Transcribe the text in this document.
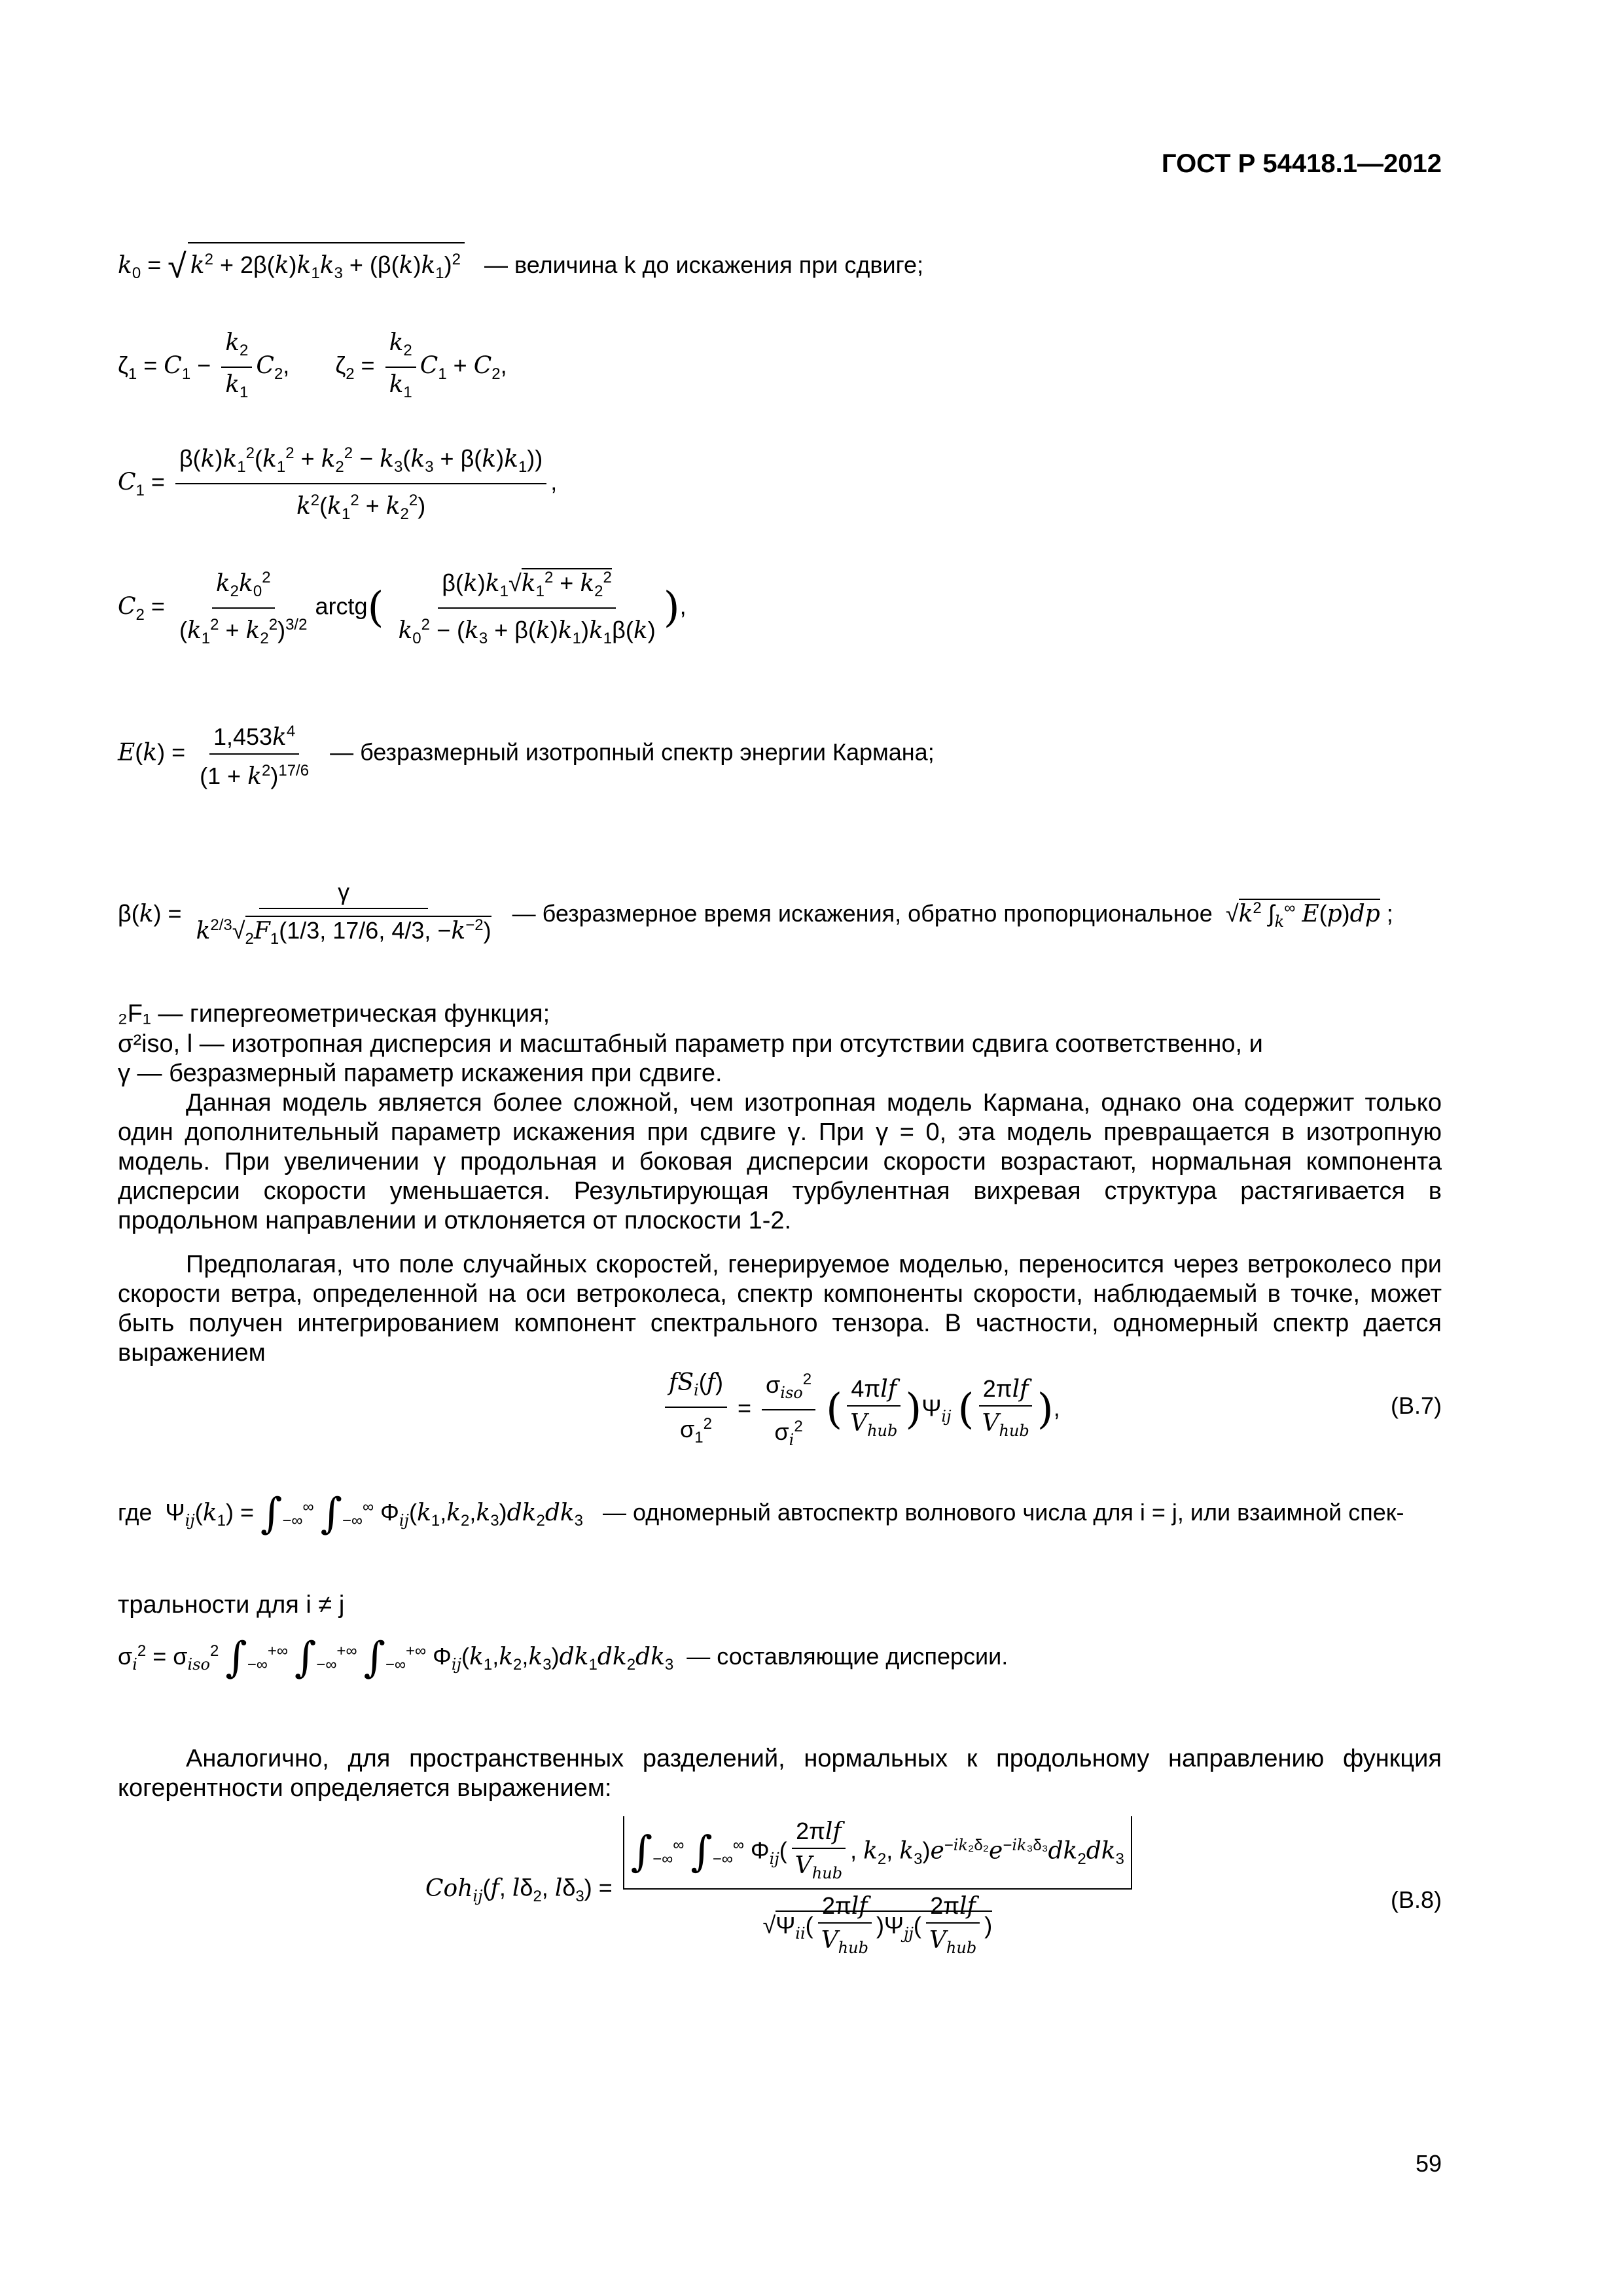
ГОСТ Р 54418.1—2012
$k_0$ = √ $k^2 + 2\beta(k)k_1k_3 + (\beta(k)k_1)^2$ — величина k до искажения при сдвиге;
$\zeta_1 = C_1 - \frac{k_2}{k_1} C_2$,       $\zeta_2 = \frac{k_2}{k_1} C_1 + C_2$,
$C_1 = \frac{\beta(k)k_1^2(k_1^2 + k_2^2 - k_3(k_3 + \beta(k)k_1))}{k^2(k_1^2 + k_2^2)}$ ,
$C_2 = \frac{k_2k_0^2}{(k_1^2 + k_2^2)^{3/2}}$ arctg( $\frac{\beta(k)k_1√k_1^2 + k_2^2}{k_0^2 - (k_3 + \beta(k)k_1)k_1\beta(k)}$ ),
$E(k) = \frac{1,453k^4}{(1 + k^2)^{17/6}}$ — безразмерный изотропный спектр энергии Кармана;
$\beta(k) = \frac{\gamma}{k^{2/3}√_2F_1(1/3, 17/6, 4/3, -k^{-2})}$ — безразмерное время искажения, обратно пропорциональное  $√k^2$ $\int_k^\infty$ E(p)dp ;
₂F₁ — гипергеометрическая функция;
σ²iso, l — изотропная дисперсия и масштабный параметр при отсутствии сдвига соответственно, и
γ — безразмерный параметр искажения при сдвиге.
Данная модель является более сложной, чем изотропная модель Кармана, однако она содержит только один дополнительный параметр искажения при сдвиге γ. При γ = 0, эта модель превращается в изотропную модель. При увеличении γ продольная и боковая дисперсии скорости возрастают, нормальная компонента дисперсии скорости уменьшается. Результирующая турбулентная вихревая структура растягивается в продольном направлении и отклоняется от плоскости 1-2.
Предполагая, что поле случайных скоростей, генерируемое моделью, переносится через ветроколесо при скорости ветра, определенной на оси ветроколеса, спектр компоненты скорости, наблюдаемый в точке, может быть получен интегрированием компонент спектрального тензора. В частности, одномерный спектр дается выражением
$\frac{fS_i(f)}{\sigma_1^2} = \frac{\sigma_{iso}^2}{\sigma_i^2}$ ( $\frac{\text{4πlf}}{V_{hub}} )\Psi_{ij}$ ( $\frac{\text{2πlf}}{V_{hub}}$ ),	(В.7)
где  $\Psi_{ij}(k_1) = \int_{-\infty}^\infty$ $\int_{-\infty}^\infty$ $\Phi_{ij}(k_1,k_2,k_3)dk_2dk_3$ — одномерный автоспектр волнового числа для i = j, или взаимной спек-
тральности для i ≠ j
$\sigma_i^2 = \sigma_{iso}^2$ $\int_{-\infty}^{+\infty}$ $\int_{-\infty}^{+\infty}$ $\int_{-\infty}^{+\infty}$ $\Phi_{ij}(k_1,k_2,k_3)dk_1dk_2dk_3$ — составляющие дисперсии.
Аналогично, для пространственных разделений, нормальных к продольному направлению функция когерентности определяется выражением:
Coh$_{ij}$(f, $l\delta_2$, $l\delta_3$) =
$\int_{-\infty}^\infty$ $\int_{-\infty}^\infty$ $\Phi_{ij}( \frac{\text{2πlf}}{V_{hub}}$ , $k_2$, $k_3)e^{-ik_2\delta_2}e^{-ik_3\delta_3}dk_2dk_3$
$√\Psi_{ii}( \frac{\text{2πlf}}{V_{hub}} )\Psi_{jj}( \frac{\text{2πlf}}{V_{hub}}$ )
(В.8)
59
